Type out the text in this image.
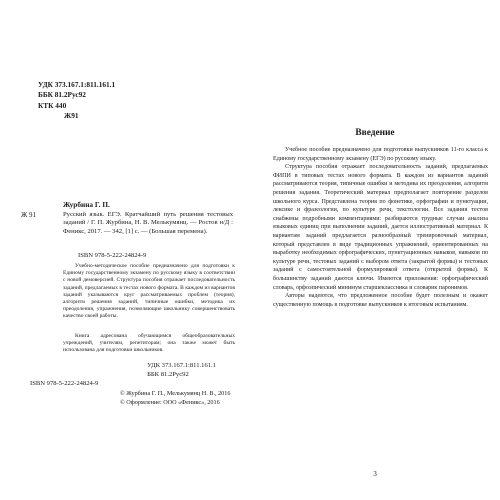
УДК 373.167.1:811.161.1
ББК 81.2Рус92
КТК 440
Ж91
Журбина Г. П.
Ж 91	Русский язык. ЕГЭ. Кратчайший путь решения тестовых заданий / Г. П. Журбина, Н. В. Мелькумянц. — Ростов н/Д : Феникс, 2017. — 342, [1] с. — (Большая перемена).
ISBN 978-5-222-24824-9
Учебно-методическое пособие предназначено для подготовки к Единому государственному экзамену по русскому языку в соответствии с новой демоверсией. Структура пособия отражает последовательность заданий, предлагаемых в тестах нового формата. В каждом из вариантов заданий указываются круг рассматриваемых проблем (теория), алгоритм решения заданий, типичные ошибки, методика их преодоления, упражнения, позволяющие школьнику совершенствовать качество своей работы.
Книга адресована обучающимся общеобразовательных учреждений, учителям, репетиторам; она также может быть использована для подготовки школьников.
УДК 373.167.1:811.161.1
ББК 81.2Рус92
ISBN 978-5-222-24824-9
© Журбина Г. П., Мелькумянц Н. В., 2016
© Оформление: ООО «Феникс», 2016
Введение

Учебное пособие предназначено для подготовки выпускников 11-го класса к Единому государственному экзамену (ЕГЭ) по русскому языку.

Структура пособия отражает последовательность заданий, предлагаемых ФИПИ в типовых тестах нового формата. В каждом из вариантов заданий рассматриваются теория, типичные ошибки и методика их преодоления, алгоритм решения задания. Теоретический материал предполагает повторение разделов школьного курса. Представлена теория по фонетике, орфографии и пунктуации, лексике и фразеологии, по культуре речи, текстологии. Все задания тестов снабжены подробными комментариями: разбираются трудные случаи анализа языковых единиц при выполнении заданий, дается иллюстративный материал. К вариантам заданий предлагается разнообразный тренировочный материал, который представлен в виде традиционных упражнений, ориентированных на выработку необходимых орфографических, пунктуационных навыков, навыков по культуре речи, тестовых заданий с выбором ответа (закрытой формы) и тестовых заданий с самостоятельной формулировкой ответа (открытой формы). К большинству заданий даются ключи. Имеются приложения: орфографический словарь, орфоэпический минимум старшеклассника и словарик паронимов.

Авторы надеются, что предложенное пособие будет полезным и окажет существенную помощь в подготовке выпускников к итоговым испытаниям.

3
